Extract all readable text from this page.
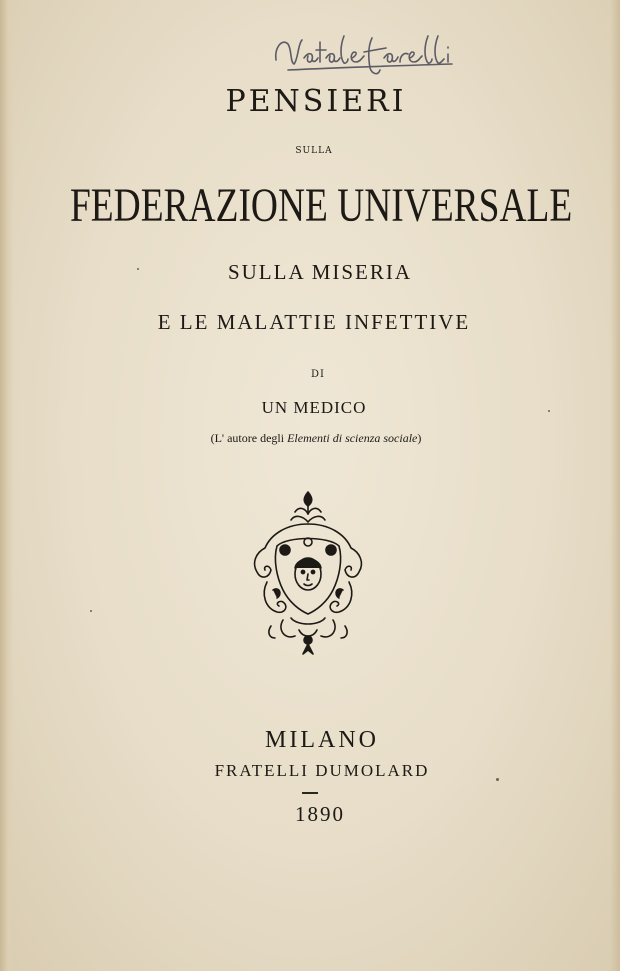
PENSIERI
SULLA
FEDERAZIONE UNIVERSALE
SULLA MISERIA
E LE MALATTIE INFETTIVE
DI
UN MEDICO
(L' autore degli Elementi di scienza sociale)
MILANO
FRATELLI DUMOLARD
1890
